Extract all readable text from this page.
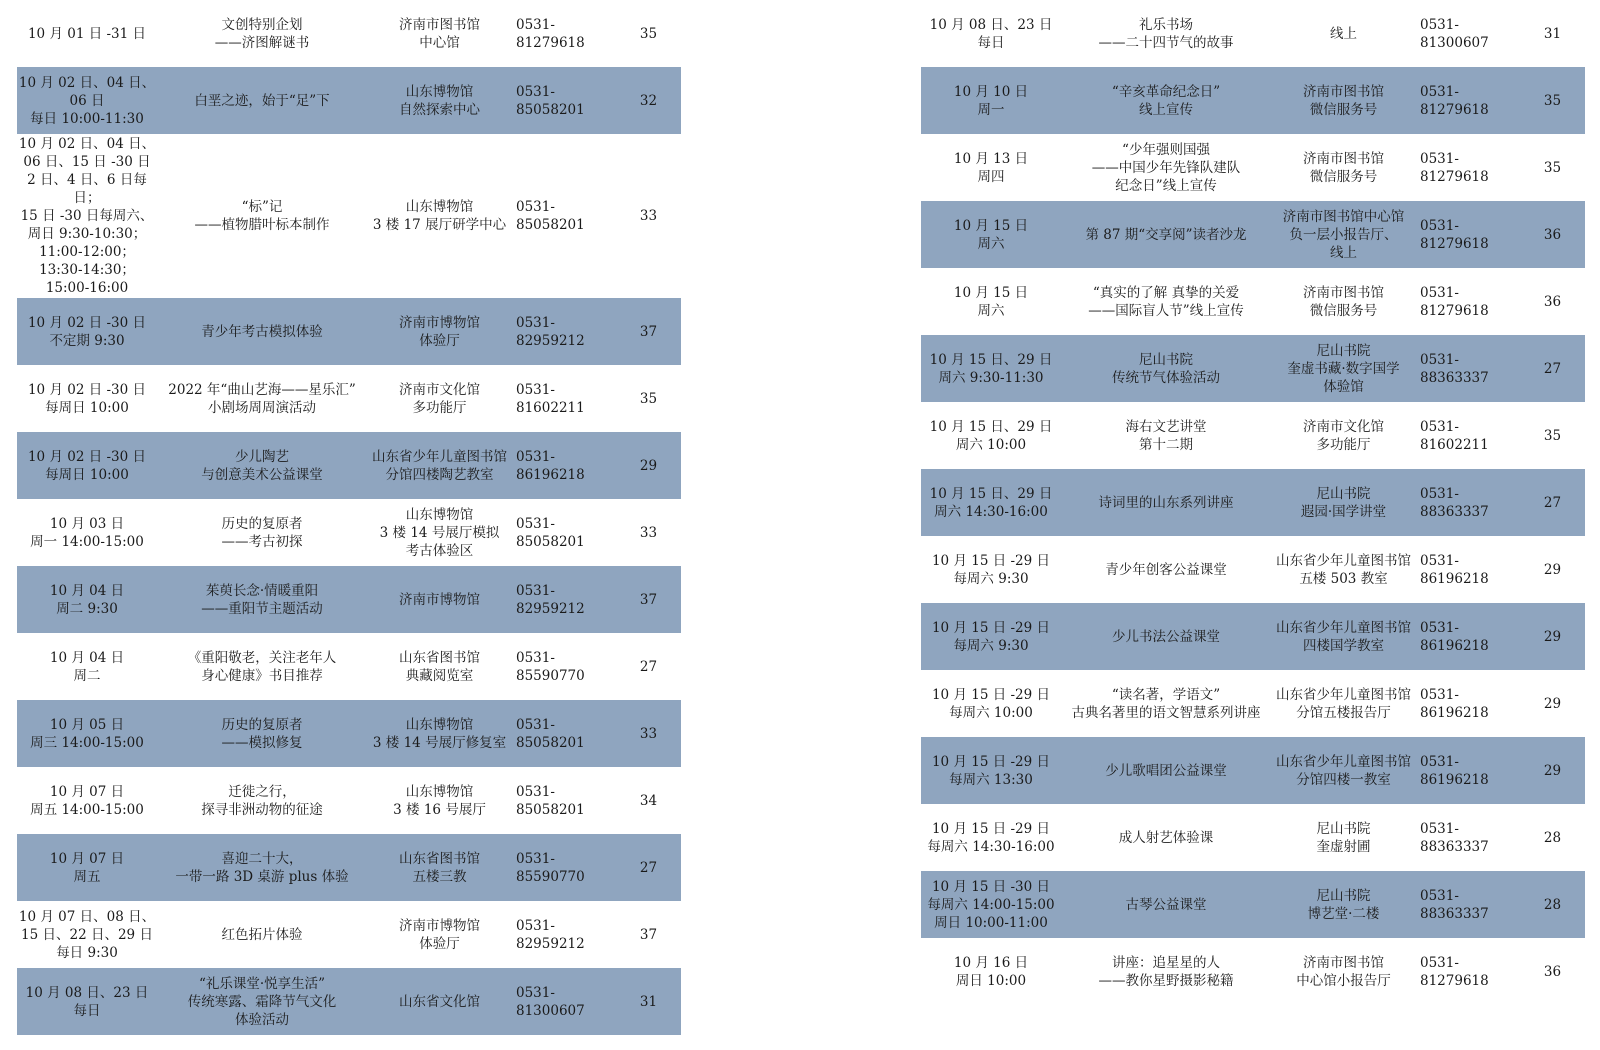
10 月 01 日 -31 日
文创特别企划
——济图解谜书
济南市图书馆
中心馆
0531-81279618
35
10 月 02 日、04 日、
06 日
每日 10:00-11:30
白垩之迹，始于“足”下
山东博物馆
自然探索中心
0531-85058201
32
10 月 02 日、04 日、
06 日、15 日 -30 日
2 日、4 日、6 日每日；
15 日 -30 日每周六、
周日 9:30-10:30；
11:00-12:00；
13:30-14:30；
15:00-16:00
“标”记
——植物腊叶标本制作
山东博物馆
3 楼 17 展厅研学中心
0531-85058201
33
10 月 02 日 -30 日
不定期 9:30
青少年考古模拟体验
济南市博物馆
体验厅
0531-82959212
37
10 月 02 日 -30 日
每周日 10:00
2022 年“曲山艺海——星乐汇”
小剧场周周演活动
济南市文化馆
多功能厅
0531-81602211
35
10 月 02 日 -30 日
每周日 10:00
少儿陶艺
与创意美术公益课堂
山东省少年儿童图书馆
分馆四楼陶艺教室
0531-86196218
29
10 月 03 日
周一 14:00-15:00
历史的复原者
——考古初探
山东博物馆
3 楼 14 号展厅模拟
考古体验区
0531-85058201
33
10 月 04 日
周二 9:30
茱萸长念·情暖重阳
——重阳节主题活动
济南市博物馆
0531-82959212
37
10 月 04 日
周二
《重阳敬老，关注老年人
身心健康》书目推荐
山东省图书馆
典藏阅览室
0531-85590770
27
10 月 05 日
周三 14:00-15:00
历史的复原者
——模拟修复
山东博物馆
3 楼 14 号展厅修复室
0531-85058201
33
10 月 07 日
周五 14:00-15:00
迁徙之行，
探寻非洲动物的征途
山东博物馆
3 楼 16 号展厅
0531-85058201
34
10 月 07 日
周五
喜迎二十大，
一带一路 3D 桌游 plus 体验
山东省图书馆
五楼三教
0531-85590770
27
10 月 07 日、08 日、
15 日、22 日、29 日
每日 9:30
红色拓片体验
济南市博物馆
体验厅
0531-82959212
37
10 月 08 日、23 日
每日
“礼乐课堂·悦享生活”
传统寒露、霜降节气文化
体验活动
山东省文化馆
0531-81300607
31
10 月 08 日、23 日
每日
礼乐书场
——二十四节气的故事
线上
0531-81300607
31
10 月 10 日
周一
“辛亥革命纪念日”
线上宣传
济南市图书馆
微信服务号
0531-81279618
35
10 月 13 日
周四
“少年强则国强
——中国少年先锋队建队
纪念日”线上宣传
济南市图书馆
微信服务号
0531-81279618
35
10 月 15 日
周六
第 87 期“交享阅”读者沙龙
济南市图书馆中心馆
负一层小报告厅、
线上
0531-81279618
36
10 月 15 日
周六
“真实的了解 真挚的关爱
——国际盲人节”线上宣传
济南市图书馆
微信服务号
0531-81279618
36
10 月 15 日、29 日
周六 9:30-11:30
尼山书院
传统节气体验活动
尼山书院
奎虚书藏·数字国学
体验馆
0531-88363337
27
10 月 15 日、29 日
周六 10:00
海右文艺讲堂
第十二期
济南市文化馆
多功能厅
0531-81602211
35
10 月 15 日、29 日
周六 14:30-16:00
诗词里的山东系列讲座
尼山书院
遐园·国学讲堂
0531-88363337
27
10 月 15 日 -29 日
每周六 9:30
青少年创客公益课堂
山东省少年儿童图书馆
五楼 503 教室
0531-86196218
29
10 月 15 日 -29 日
每周六 9:30
少儿书法公益课堂
山东省少年儿童图书馆
四楼国学教室
0531-86196218
29
10 月 15 日 -29 日
每周六 10:00
“读名著，学语文”
古典名著里的语文智慧系列讲座
山东省少年儿童图书馆
分馆五楼报告厅
0531-86196218
29
10 月 15 日 -29 日
每周六 13:30
少儿歌唱团公益课堂
山东省少年儿童图书馆
分馆四楼一教室
0531-86196218
29
10 月 15 日 -29 日
每周六 14:30-16:00
成人射艺体验课
尼山书院
奎虚射圃
0531-88363337
28
10 月 15 日 -30 日
每周六 14:00-15:00
周日 10:00-11:00
古琴公益课堂
尼山书院
博艺堂·二楼
0531-88363337
28
10 月 16 日
周日 10:00
讲座：追星星的人
——教你星野摄影秘籍
济南市图书馆
中心馆小报告厅
0531-81279618
36
